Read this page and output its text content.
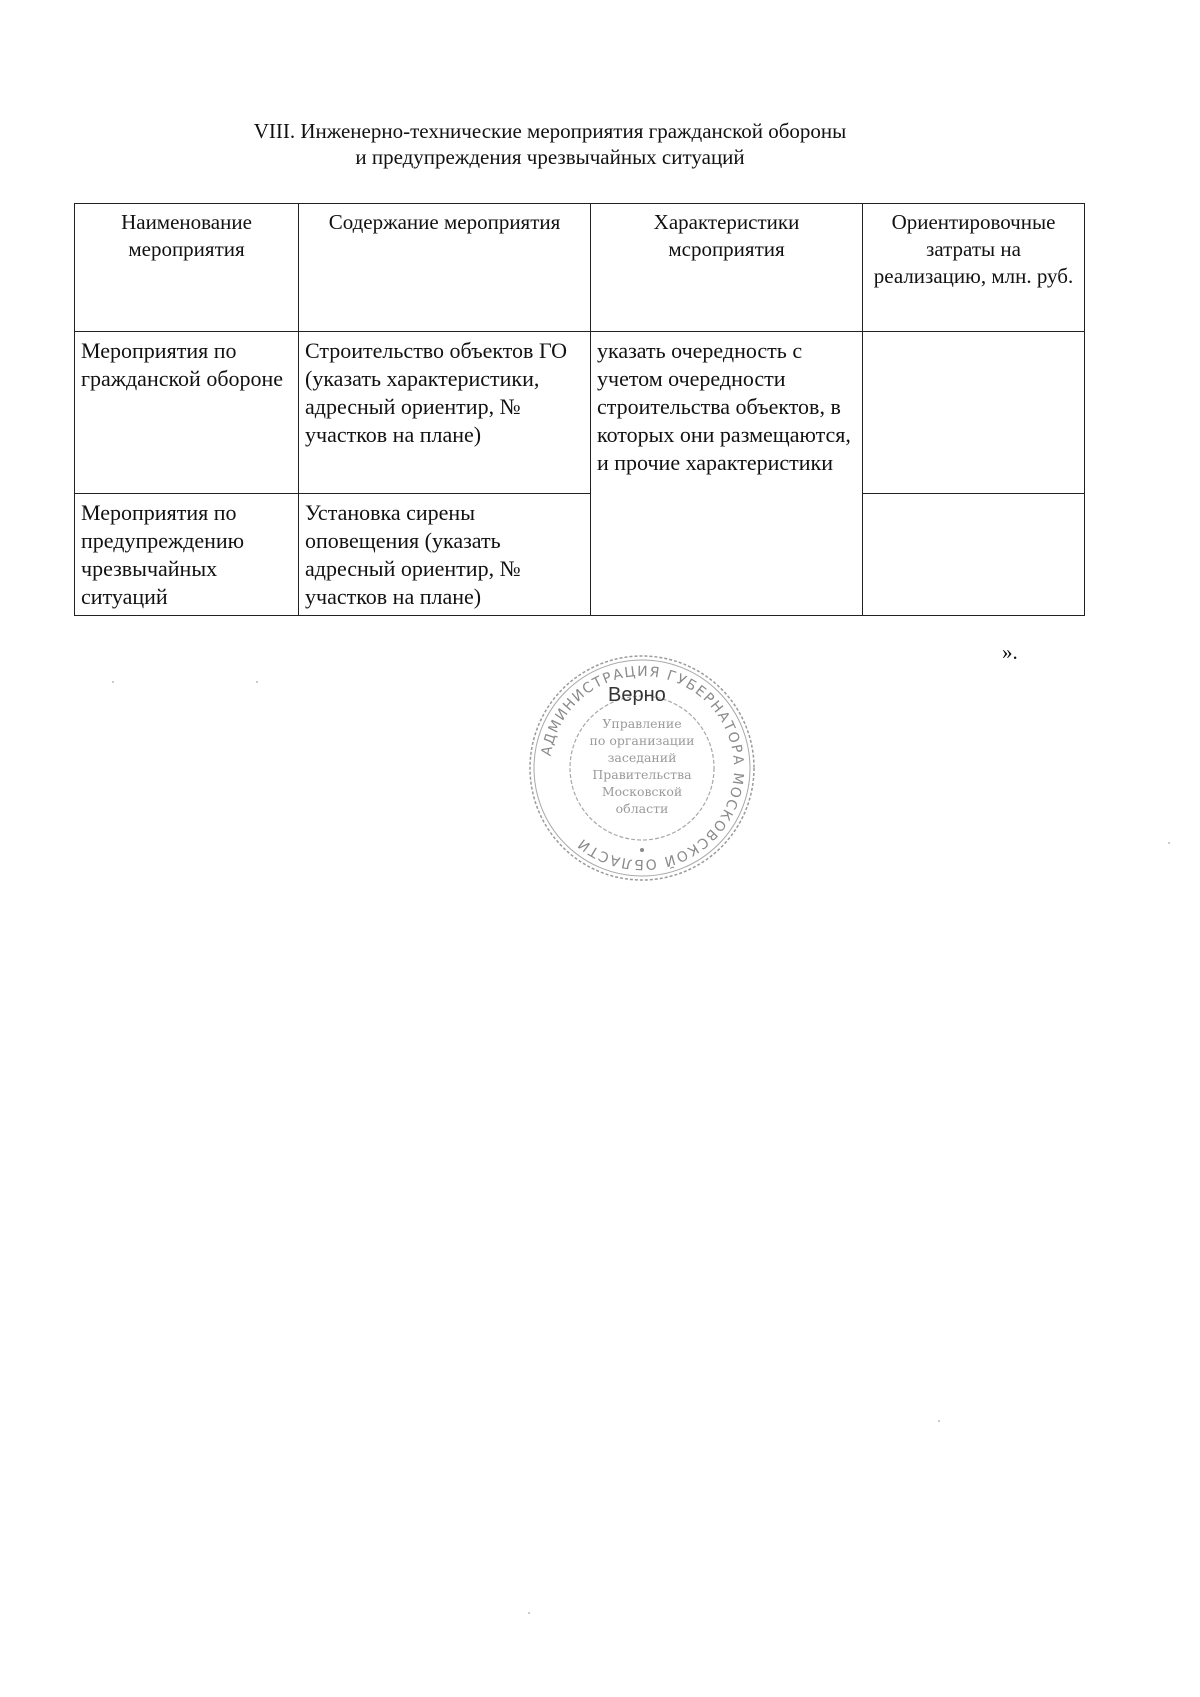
VIII. Инженерно-технические мероприятия гражданской обороны
и предупреждения чрезвычайных ситуаций
Наименование мероприятия	Содержание мероприятия	Характеристики мсроприятия	Ориентировочные затраты на реализацию, млн. руб.
Мероприятия по гражданской обороне	Строительство объектов ГО (указать характеристики, адресный ориентир, № участков на плане)	указать очередность с учетом очередности строительства объектов, в которых они размещаются, и прочие характеристики	
Мероприятия по предупреждению чрезвычайных ситуаций	Установка сирены оповещения (указать адресный ориентир, № участков на плане)		
».
АДМИНИСТРАЦИЯ ГУБЕРНАТОРА МОСКОВСКОЙ ОБЛАСТИ
Управление
по организации
заседаний
Правительства
Московской
области
Верно
